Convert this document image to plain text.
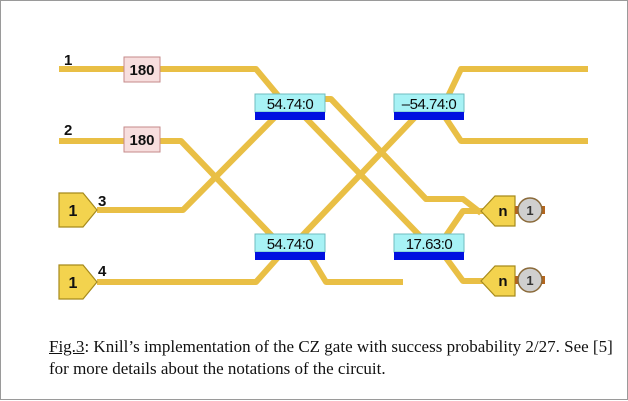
1
2
3
4
180
180
54.74:0
54.74:0
–54.74:0
17.63:0
1
1
n 1
n 1
Fig.3: Knill’s implementation of the CZ gate with success probability 2/27. See [5] for more details about the notations of the circuit.
